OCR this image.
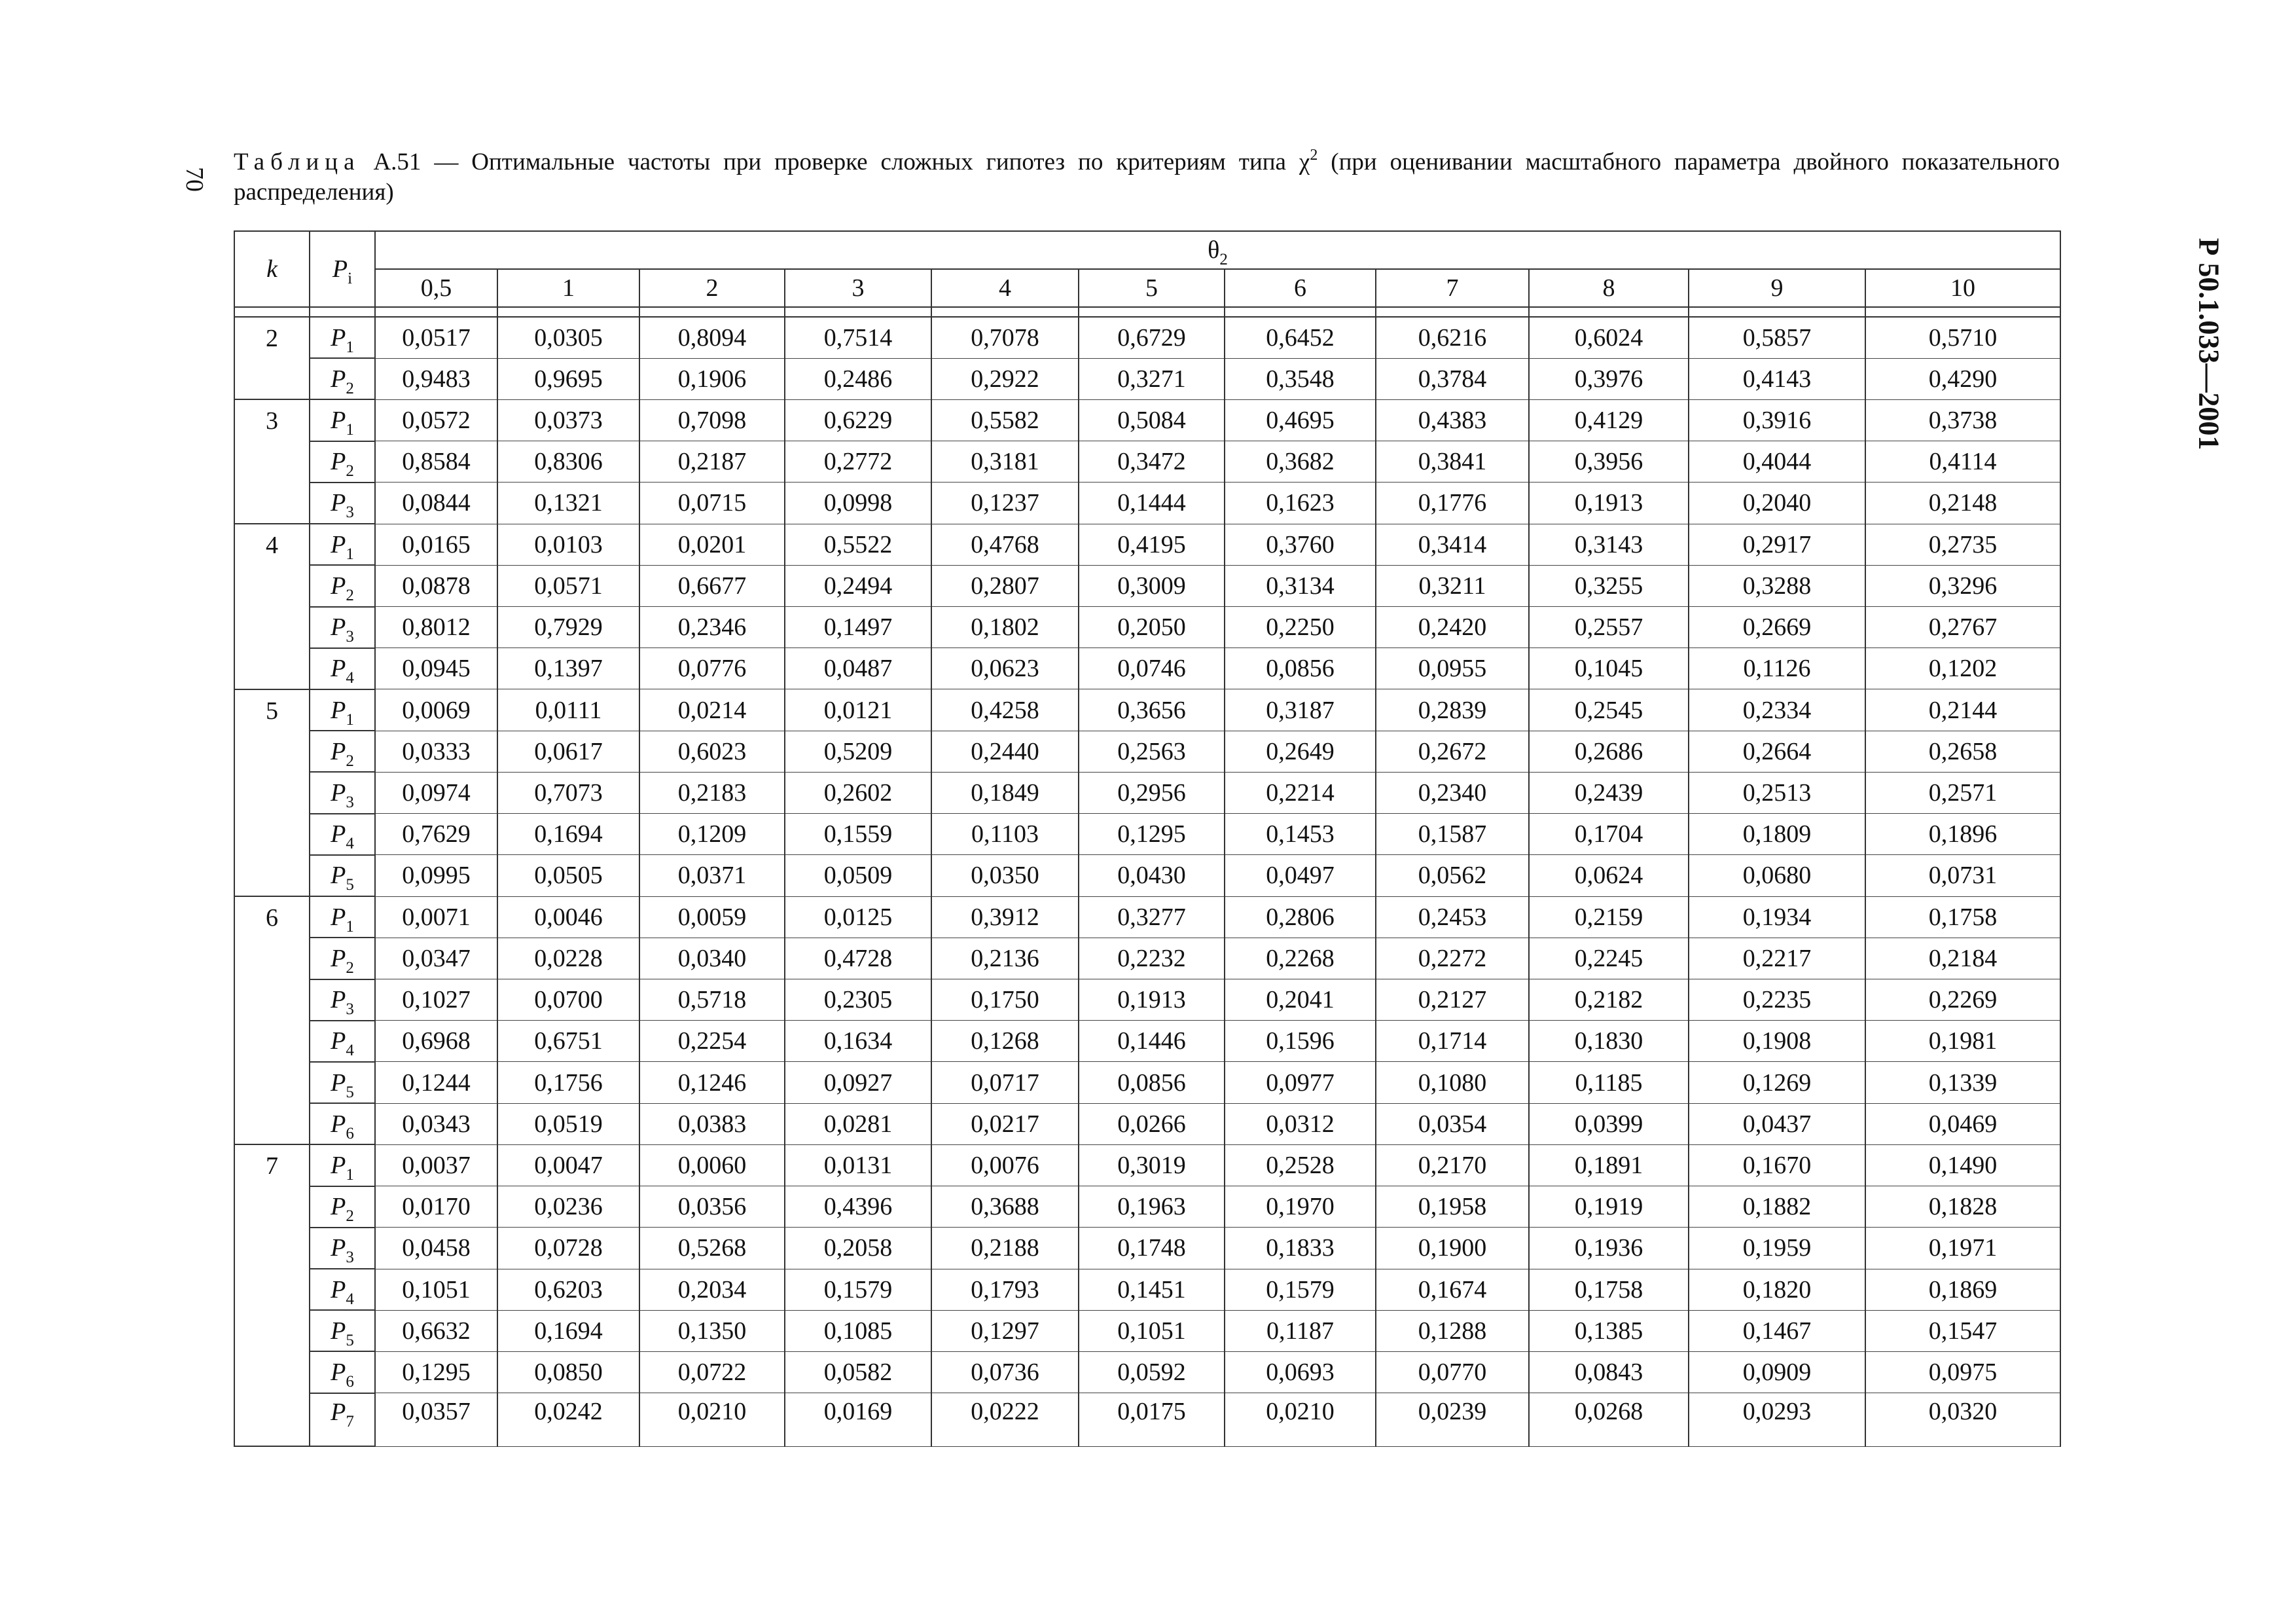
70
Р 50.1.033—2001
Таблица А.51 — Оптимальные частоты при проверке сложных гипотез по критериям типа $\chi^2$ (при оценивании масштабного параметра двойного показательного распределения)
k	$P_i$	$\theta_2$
		0,5	1	2	3	4	5	6	7	8	9	10

2	$P_1$	0,0517	0,0305	0,8094	0,7514	0,7078	0,6729	0,6452	0,6216	0,6024	0,5857	0,5710
	$P_2$	0,9483	0,9695	0,1906	0,2486	0,2922	0,3271	0,3548	0,3784	0,3976	0,4143	0,4290
3	$P_1$	0,0572	0,0373	0,7098	0,6229	0,5582	0,5084	0,4695	0,4383	0,4129	0,3916	0,3738
	$P_2$	0,8584	0,8306	0,2187	0,2772	0,3181	0,3472	0,3682	0,3841	0,3956	0,4044	0,4114
	$P_3$	0,0844	0,1321	0,0715	0,0998	0,1237	0,1444	0,1623	0,1776	0,1913	0,2040	0,2148
4	$P_1$	0,0165	0,0103	0,0201	0,5522	0,4768	0,4195	0,3760	0,3414	0,3143	0,2917	0,2735
	$P_2$	0,0878	0,0571	0,6677	0,2494	0,2807	0,3009	0,3134	0,3211	0,3255	0,3288	0,3296
	$P_3$	0,8012	0,7929	0,2346	0,1497	0,1802	0,2050	0,2250	0,2420	0,2557	0,2669	0,2767
	$P_4$	0,0945	0,1397	0,0776	0,0487	0,0623	0,0746	0,0856	0,0955	0,1045	0,1126	0,1202
5	$P_1$	0,0069	0,0111	0,0214	0,0121	0,4258	0,3656	0,3187	0,2839	0,2545	0,2334	0,2144
	$P_2$	0,0333	0,0617	0,6023	0,5209	0,2440	0,2563	0,2649	0,2672	0,2686	0,2664	0,2658
	$P_3$	0,0974	0,7073	0,2183	0,2602	0,1849	0,2956	0,2214	0,2340	0,2439	0,2513	0,2571
	$P_4$	0,7629	0,1694	0,1209	0,1559	0,1103	0,1295	0,1453	0,1587	0,1704	0,1809	0,1896
	$P_5$	0,0995	0,0505	0,0371	0,0509	0,0350	0,0430	0,0497	0,0562	0,0624	0,0680	0,0731
6	$P_1$	0,0071	0,0046	0,0059	0,0125	0,3912	0,3277	0,2806	0,2453	0,2159	0,1934	0,1758
	$P_2$	0,0347	0,0228	0,0340	0,4728	0,2136	0,2232	0,2268	0,2272	0,2245	0,2217	0,2184
	$P_3$	0,1027	0,0700	0,5718	0,2305	0,1750	0,1913	0,2041	0,2127	0,2182	0,2235	0,2269
	$P_4$	0,6968	0,6751	0,2254	0,1634	0,1268	0,1446	0,1596	0,1714	0,1830	0,1908	0,1981
	$P_5$	0,1244	0,1756	0,1246	0,0927	0,0717	0,0856	0,0977	0,1080	0,1185	0,1269	0,1339
	$P_6$	0,0343	0,0519	0,0383	0,0281	0,0217	0,0266	0,0312	0,0354	0,0399	0,0437	0,0469
7	$P_1$	0,0037	0,0047	0,0060	0,0131	0,0076	0,3019	0,2528	0,2170	0,1891	0,1670	0,1490
	$P_2$	0,0170	0,0236	0,0356	0,4396	0,3688	0,1963	0,1970	0,1958	0,1919	0,1882	0,1828
	$P_3$	0,0458	0,0728	0,5268	0,2058	0,2188	0,1748	0,1833	0,1900	0,1936	0,1959	0,1971
	$P_4$	0,1051	0,6203	0,2034	0,1579	0,1793	0,1451	0,1579	0,1674	0,1758	0,1820	0,1869
	$P_5$	0,6632	0,1694	0,1350	0,1085	0,1297	0,1051	0,1187	0,1288	0,1385	0,1467	0,1547
	$P_6$	0,1295	0,0850	0,0722	0,0582	0,0736	0,0592	0,0693	0,0770	0,0843	0,0909	0,0975
	$P_7$	0,0357	0,0242	0,0210	0,0169	0,0222	0,0175	0,0210	0,0239	0,0268	0,0293	0,0320
